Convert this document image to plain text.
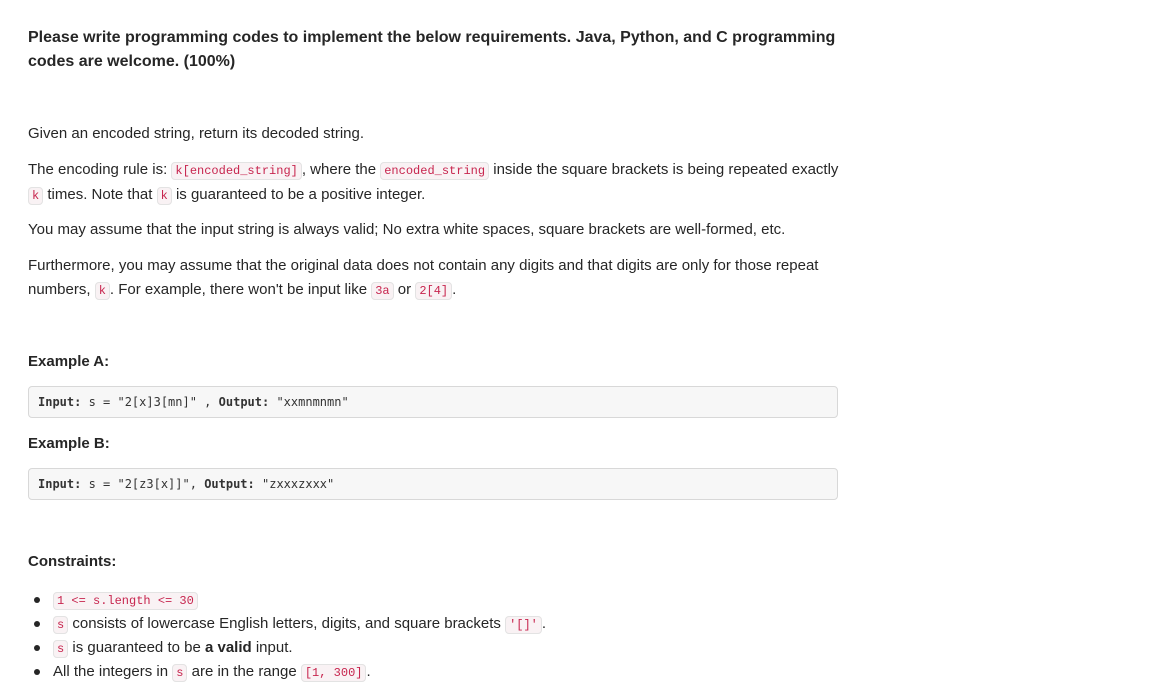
Please write programming codes to implement the below requirements. Java, Python, and C programming codes are welcome. (100%)
Given an encoded string, return its decoded string.
The encoding rule is: k[encoded_string] , where the encoded_string inside the square brackets is being repeated exactly k times. Note that k is guaranteed to be a positive integer.
You may assume that the input string is always valid; No extra white spaces, square brackets are well-formed, etc.
Furthermore, you may assume that the original data does not contain any digits and that digits are only for those repeat numbers, k . For example, there won't be input like 3a or 2[4] .
Example A:
Input: s = "2[x]3[mn]" , Output: "xxmnmnmn"
Example B:
Input: s = "2[z3[x]]", Output: "zxxxzxxx"
Constraints:
1 <= s.length <= 30
s consists of lowercase English letters, digits, and square brackets '[]' .
s is guaranteed to be a valid input.
All the integers in s are in the range [1, 300] .
